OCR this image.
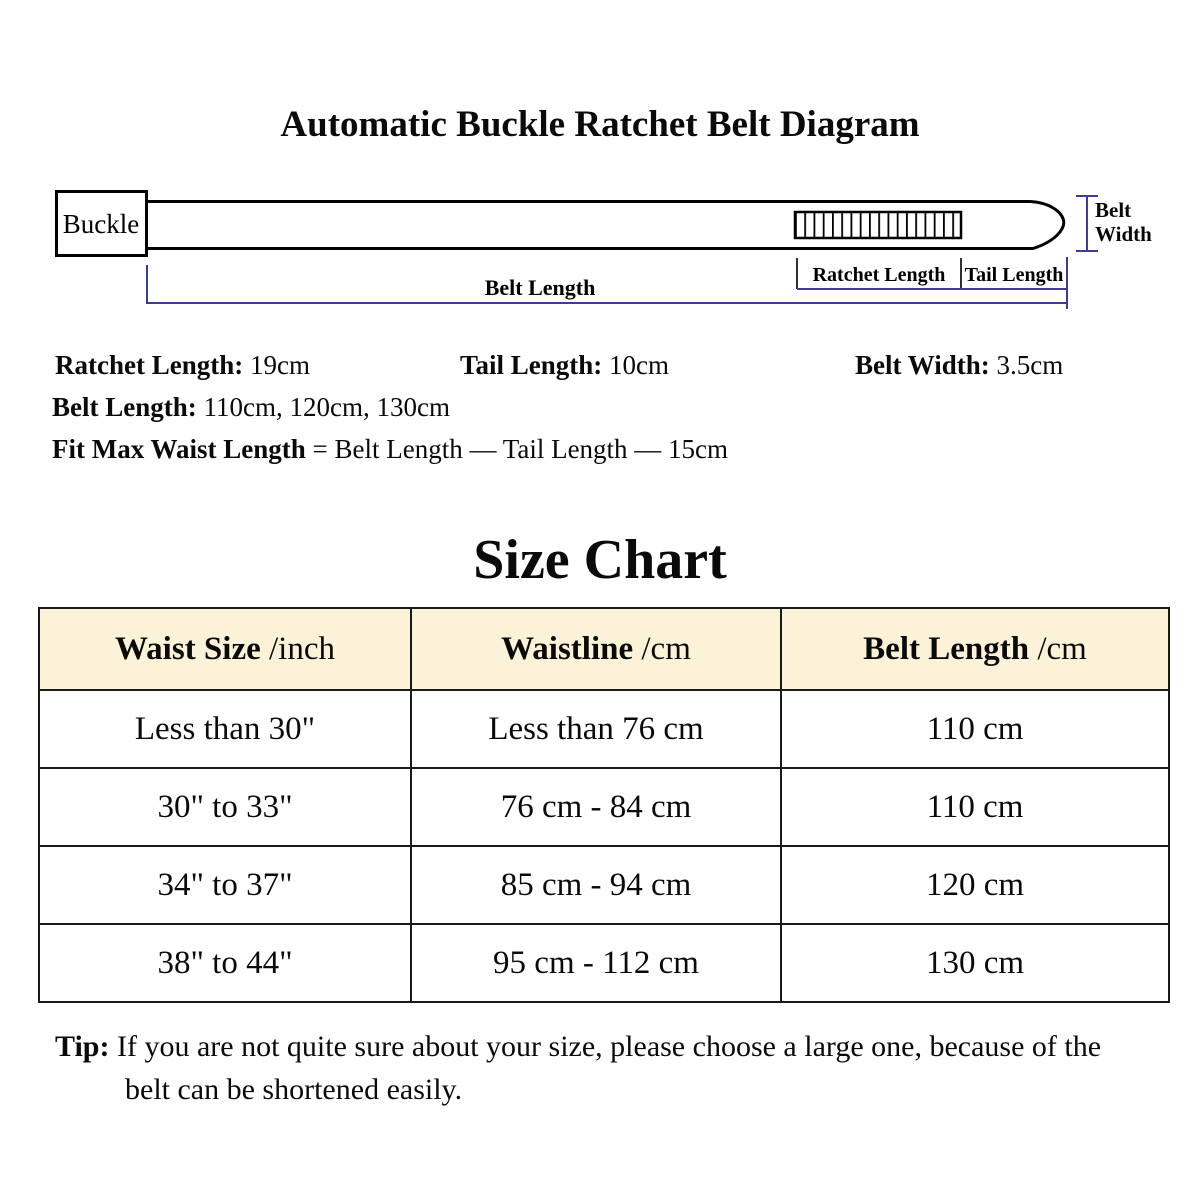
Automatic Buckle Ratchet Belt Diagram
Buckle
Ratchet Length Tail Length
Belt Length
Belt Width
Ratchet Length: 19cm	Tail Length: 10cm	Belt Width: 3.5cm
Belt Length: 110cm, 120cm, 130cm
Fit Max Waist Length = Belt Length — Tail Length — 15cm
Size Chart
Waist Size /inch	Waistline /cm	Belt Length /cm
Less than 30"	Less than 76 cm	110 cm
30" to 33"	76 cm - 84 cm	110 cm
34" to 37"	85 cm - 94 cm	120 cm
38" to 44"	95 cm - 112 cm	130 cm

Tip: If you are not quite sure about your size, please choose a large one, because of the belt can be shortened easily.
